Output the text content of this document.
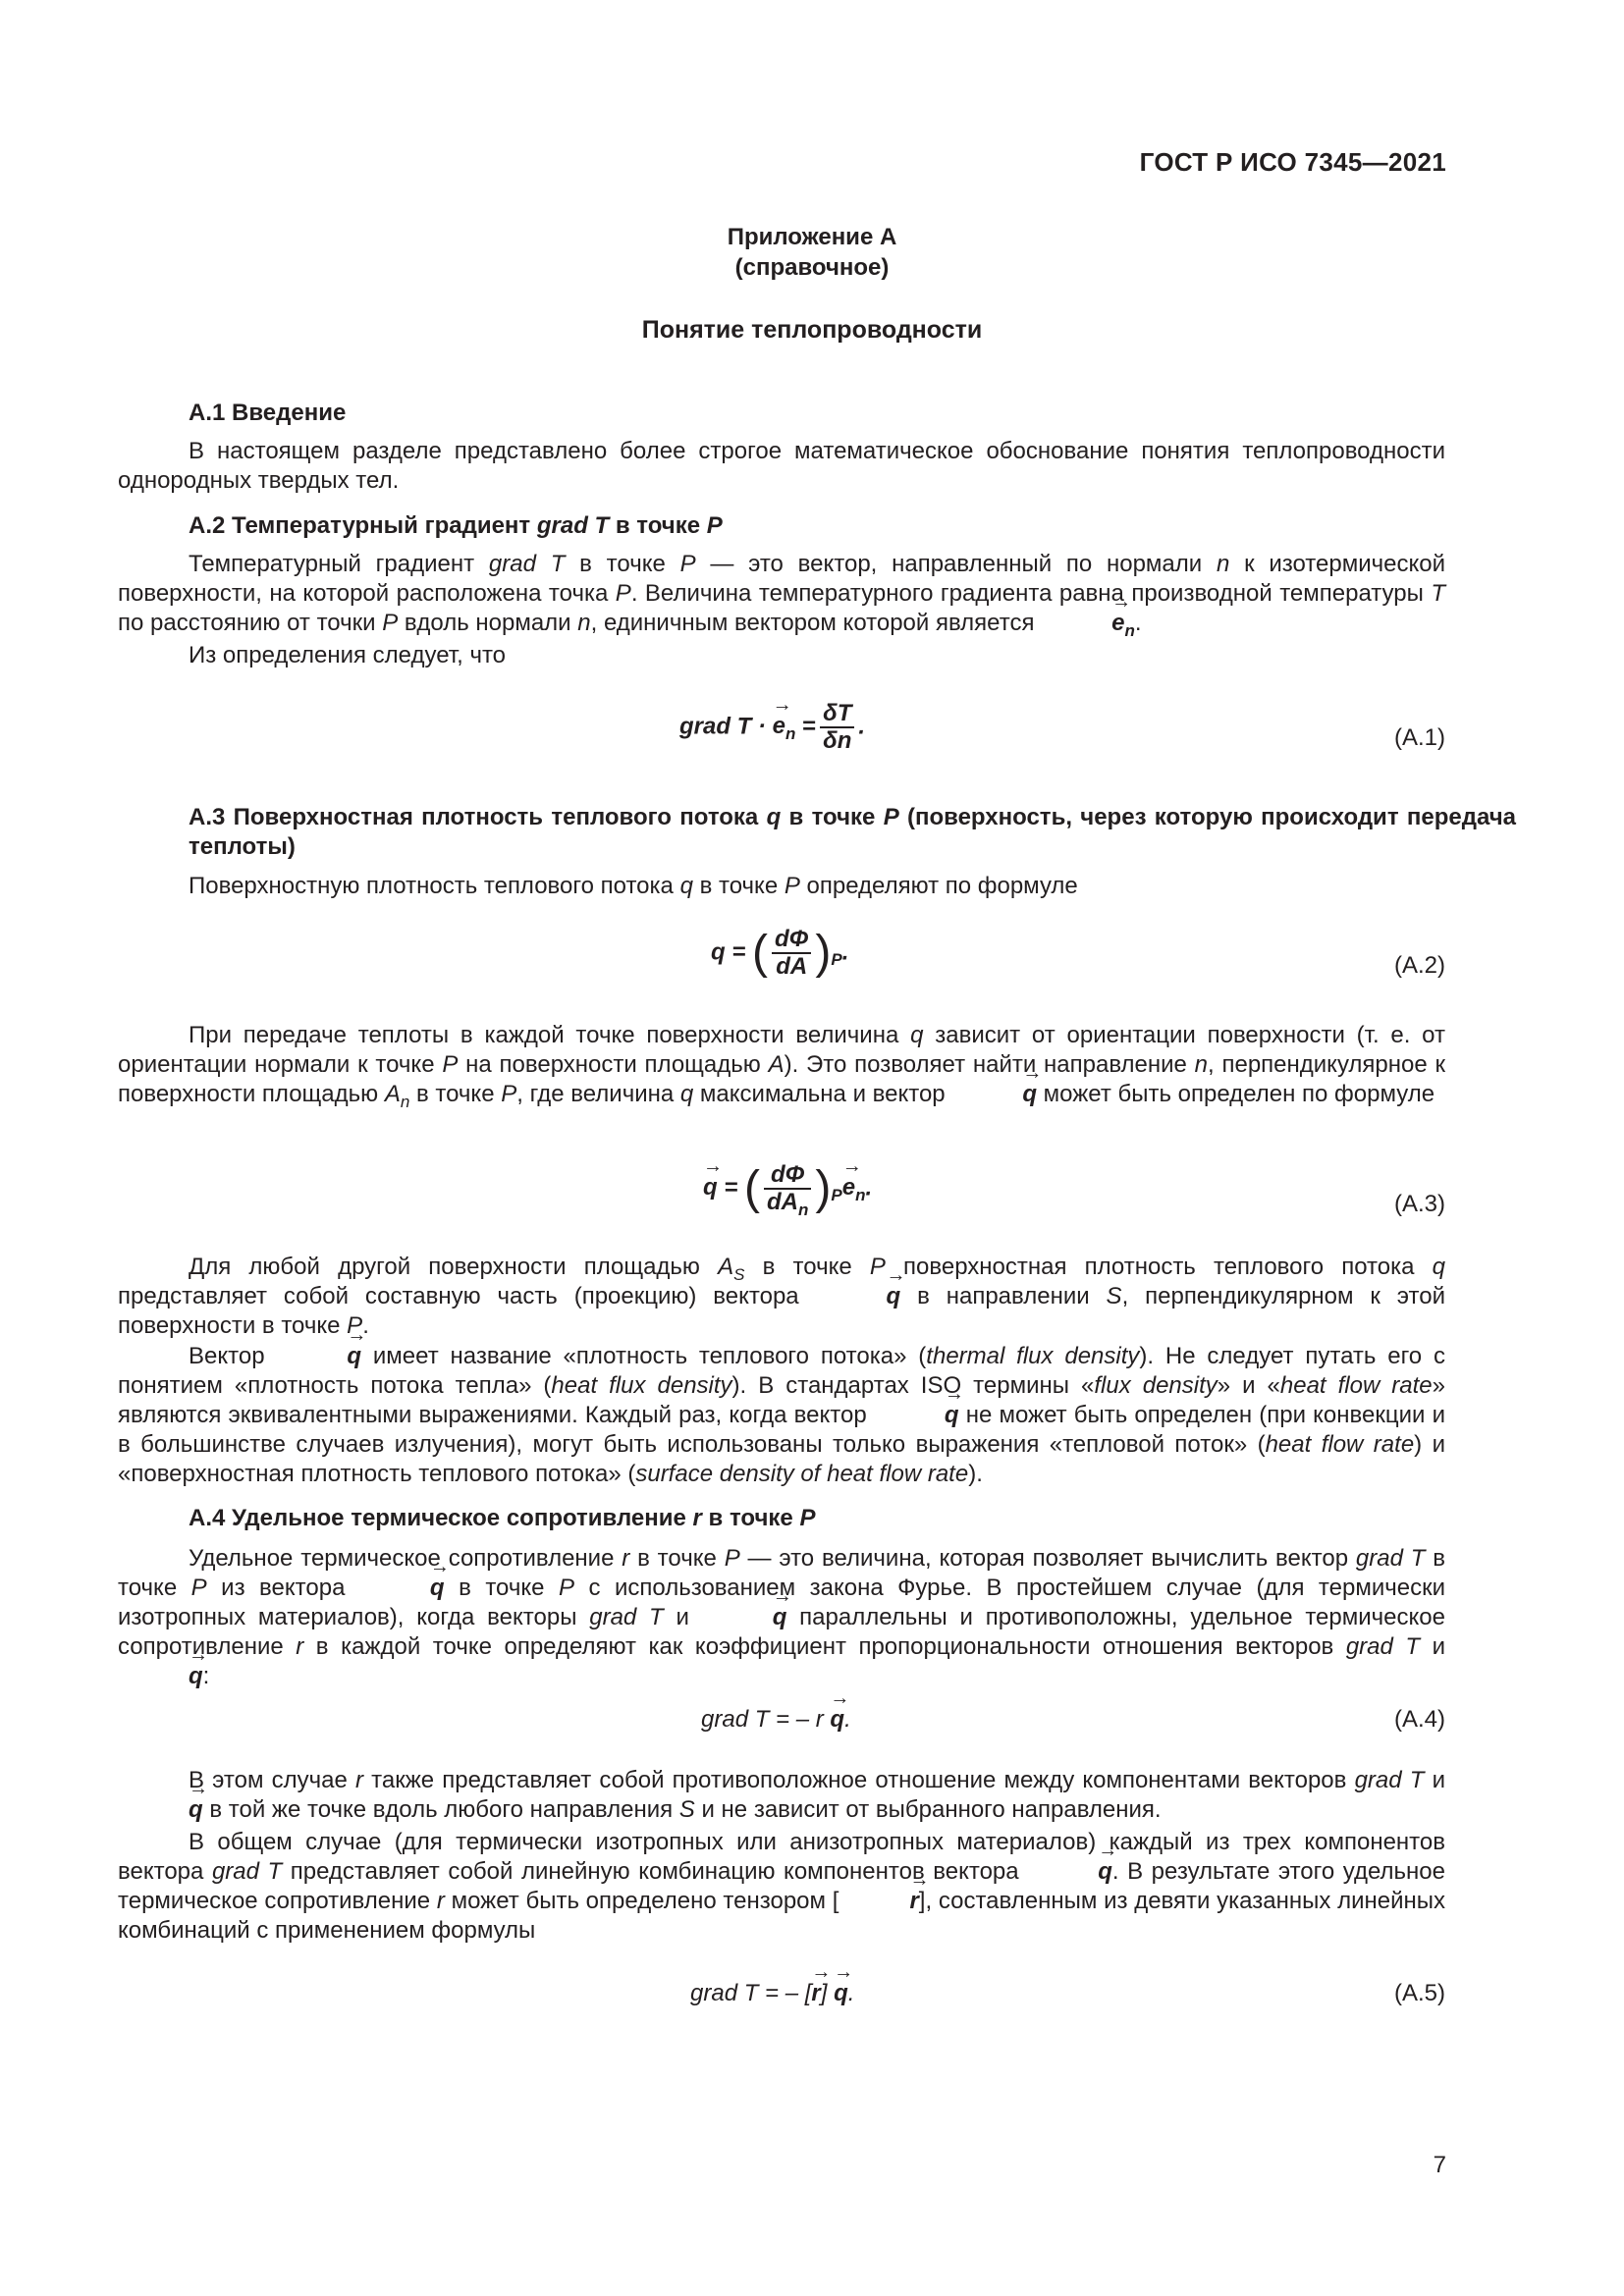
ГОСТ Р ИСО 7345—2021
Приложение А
(справочное)
Понятие теплопроводности
А.1 Введение
В настоящем разделе представлено более строгое математическое обоснование понятия теплопроводности однородных твердых тел.
А.2 Температурный градиент grad T в точке P
Температурный градиент grad T в точке P — это вектор, направленный по нормали n к изотермической поверхности, на которой расположена точка P. Величина температурного градиента равна производной температуры T по расстоянию от точки P вдоль нормали n, единичным вектором которой является	→ $e_n$.
Из определения следует, что
grad T · → $e_n = \frac{\delta T}{\delta n}$ .	(А.1)
А.3 Поверхностная плотность теплового потока q в точке P (поверхность, через которую происходит передача теплоты)
Поверхностную плотность теплового потока q в точке P определяют по формуле
q = ( $\frac{d\Phi}{dA} )_P$.
(А.2)
При передаче теплоты в каждой точке поверхности величина q зависит от ориентации поверхности (т. е. от ориентации нормали к точке P на поверхности площадью A). Это позволяет найти направление n, перпендикулярное к поверхности площадью $A_n$ в точке P, где величина q максимальна и вектор	→ q может быть определен по формуле
→ q = ( $\frac{d\Phi}{dA_n} )_P\to e_n$.
(А.3)
Для любой другой поверхности площадью $A_S$ в точке P поверхностная плотность теплового потока q представляет собой составную часть (проекцию) вектора	→ q в направлении S, перпендикулярном к этой поверхности в точке P.
Вектор	→ q имеет название «плотность теплового потока» (thermal flux density). Не следует путать его с понятием «плотность потока тепла» (heat flux density). В стандартах ISO термины «flux density» и «heat flow rate» являются эквивалентными выражениями. Каждый раз, когда вектор	→ q не может быть определен (при конвекции и в большинстве случаев излучения), могут быть использованы только выражения «тепловой поток» (heat flow rate) и «поверхностная плотность теплового потока» (surface density of heat flow rate).
А.4 Удельное термическое сопротивление r в точке P
Удельное термическое сопротивление r в точке P — это величина, которая позволяет вычислить вектор grad T в точке P из вектора	→ q в точке P с использованием закона Фурье. В простейшем случае (для термически изотропных материалов), когда векторы grad T и	→ q параллельны и противоположны, удельное термическое сопротивление r в каждой точке определяют как коэффициент пропорциональности отношения векторов grad T и → q:
grad T = – r → q.	(А.4)
В этом случае r также представляет собой противоположное отношение между компонентами векторов grad T и → q в той же точке вдоль любого направления S и не зависит от выбранного направления.
В общем случае (для термически изотропных или анизотропных материалов) каждый из трех компонентов вектора grad T представляет собой линейную комбинацию компонентов вектора	→ q. В результате этого удельное термическое сопротивление r может быть определено тензором [	→ r], составленным из девяти указанных линейных комбинаций с применением формулы
grad T = – [→ r] → q.	(А.5)
7
